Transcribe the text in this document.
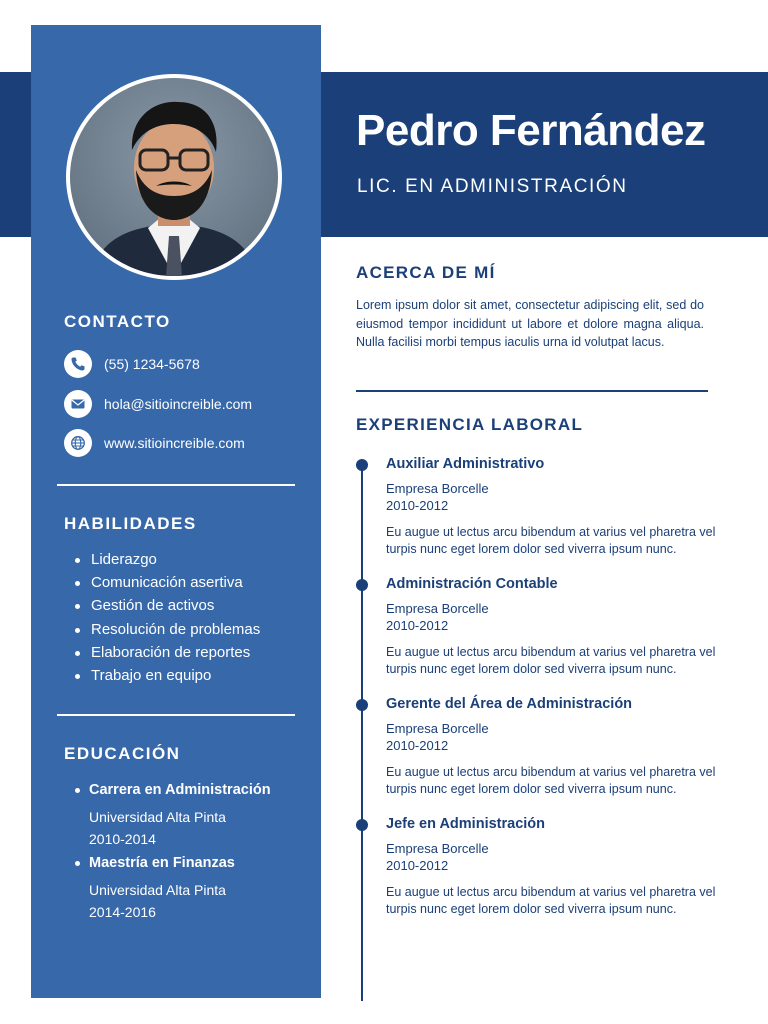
Pedro Fernández

LIC. EN ADMINISTRACIÓN

CONTACTO
(55) 1234-5678
hola@sitioincreible.com
www.sitioincreible.com
HABILIDADES
Liderazgo
Comunicación asertiva
Gestión de activos
Resolución de problemas
Elaboración de reportes
Trabajo en equipo
EDUCACIÓN
Carrera en Administración
Universidad Alta Pinta
2010-2014
Maestría en Finanzas
Universidad Alta Pinta
2014-2016
ACERCA DE MÍ

Lorem ipsum dolor sit amet, consectetur adipiscing elit, sed do eiusmod tempor incididunt ut labore et dolore magna aliqua. Nulla facilisi morbi tempus iaculis urna id volutpat lacus.

EXPERIENCIA LABORAL
Auxiliar Administrativo
Empresa Borcelle
2010-2012
Eu augue ut lectus arcu bibendum at varius vel pharetra vel turpis nunc eget lorem dolor sed viverra ipsum nunc.
Administración Contable
Empresa Borcelle
2010-2012
Eu augue ut lectus arcu bibendum at varius vel pharetra vel turpis nunc eget lorem dolor sed viverra ipsum nunc.
Gerente del Área de Administración
Empresa Borcelle
2010-2012
Eu augue ut lectus arcu bibendum at varius vel pharetra vel turpis nunc eget lorem dolor sed viverra ipsum nunc.
Jefe en Administración
Empresa Borcelle
2010-2012
Eu augue ut lectus arcu bibendum at varius vel pharetra vel turpis nunc eget lorem dolor sed viverra ipsum nunc.
